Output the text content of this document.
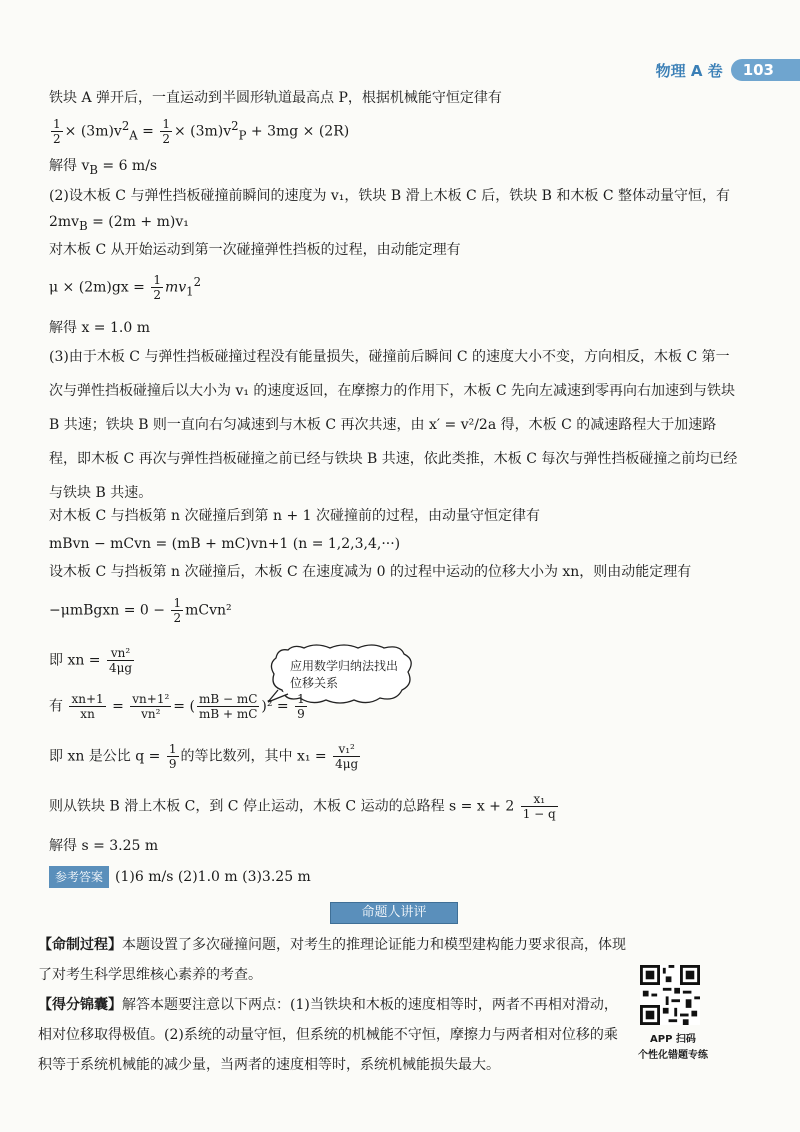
物理 A 卷	103
铁块 A 弹开后，一直运动到半圆形轨道最高点 P，根据机械能守恒定律有
$\frac{1}{2} \times (3m)v^2_A = \frac{1}{2} \times (3m)v^2_P + 3mg \times (2R)$
解得 $v_B = 6$ m/s
(2)设木板 C 与弹性挡板碰撞前瞬间的速度为 v₁，铁块 B 滑上木板 C 后，铁块 B 和木板 C 整体动量守恒，有
$2mv_B = (2m + m)v_1$
对木板 C 从开始运动到第一次碰撞弹性挡板的过程，由动能定理有
$\mu \times (2m)gx = \frac{1}{2} mv_1^2$
解得 x = 1.0 m
(3)由于木板 C 与弹性挡板碰撞过程没有能量损失，碰撞前后瞬间 C 的速度大小不变，方向相反，木板 C 第一次与弹性挡板碰撞后以大小为 v₁ 的速度返回，在摩擦力的作用下，木板 C 先向左减速到零再向右加速到与铁块 B 共速；铁块 B 则一直向右匀减速到与木板 C 再次共速，由 x′ = v²/2a 得，木板 C 的减速路程大于加速路程，即木板 C 再次与弹性挡板碰撞之前已经与铁块 B 共速，依此类推，木板 C 每次与弹性挡板碰撞之前均已经与铁块 B 共速。
对木板 C 与挡板第 n 次碰撞后到第 n + 1 次碰撞前的过程，由动量守恒定律有
mBvn − mCvn = (mB + mC)vn+1 (n = 1,2,3,4,···)
设木板 C 与挡板第 n 次碰撞后，木板 C 在速度减为 0 的过程中运动的位移大小为 xn，则由动能定理有
−μmBgxn = $0 - \frac{1}{2}$ mCvn²
即 xn = $\frac{\text{vn²}}{4\mu g}$	应用数学归纳法找出位移关系
有 $\frac{xn+1}{xn} = \frac{\text{vn+1²}}{\text{vn²}}$ = ( $\frac{mB - mC}{mB + mC} )^2 = \frac{1}{9}$
即 xn 是公比 $q = \frac{1}{9}$ 的等比数列，其中 $x_1 = \frac{\text{v₁²}}{4\mu g}$
则从铁块 B 滑上木板 C，到 C 停止运动，木板 C 运动的总路程 $s = x + 2 \frac{\text{x₁}}{1 - q}$
解得 s = 3.25 m
参考答案 (1)6 m/s (2)1.0 m (3)3.25 m
命题人讲评
【命制过程】本题设置了多次碰撞问题，对考生的推理论证能力和模型建构能力要求很高，体现了对考生科学思维核心素养的考查。
【得分锦囊】解答本题要注意以下两点：(1)当铁块和木板的速度相等时，两者不再相对滑动，相对位移取得极值。(2)系统的动量守恒，但系统的机械能不守恒，摩擦力与两者相对位移的乘积等于系统机械能的减少量，当两者的速度相等时，系统机械能损失最大。
APP 扫码
个性化错题专练
